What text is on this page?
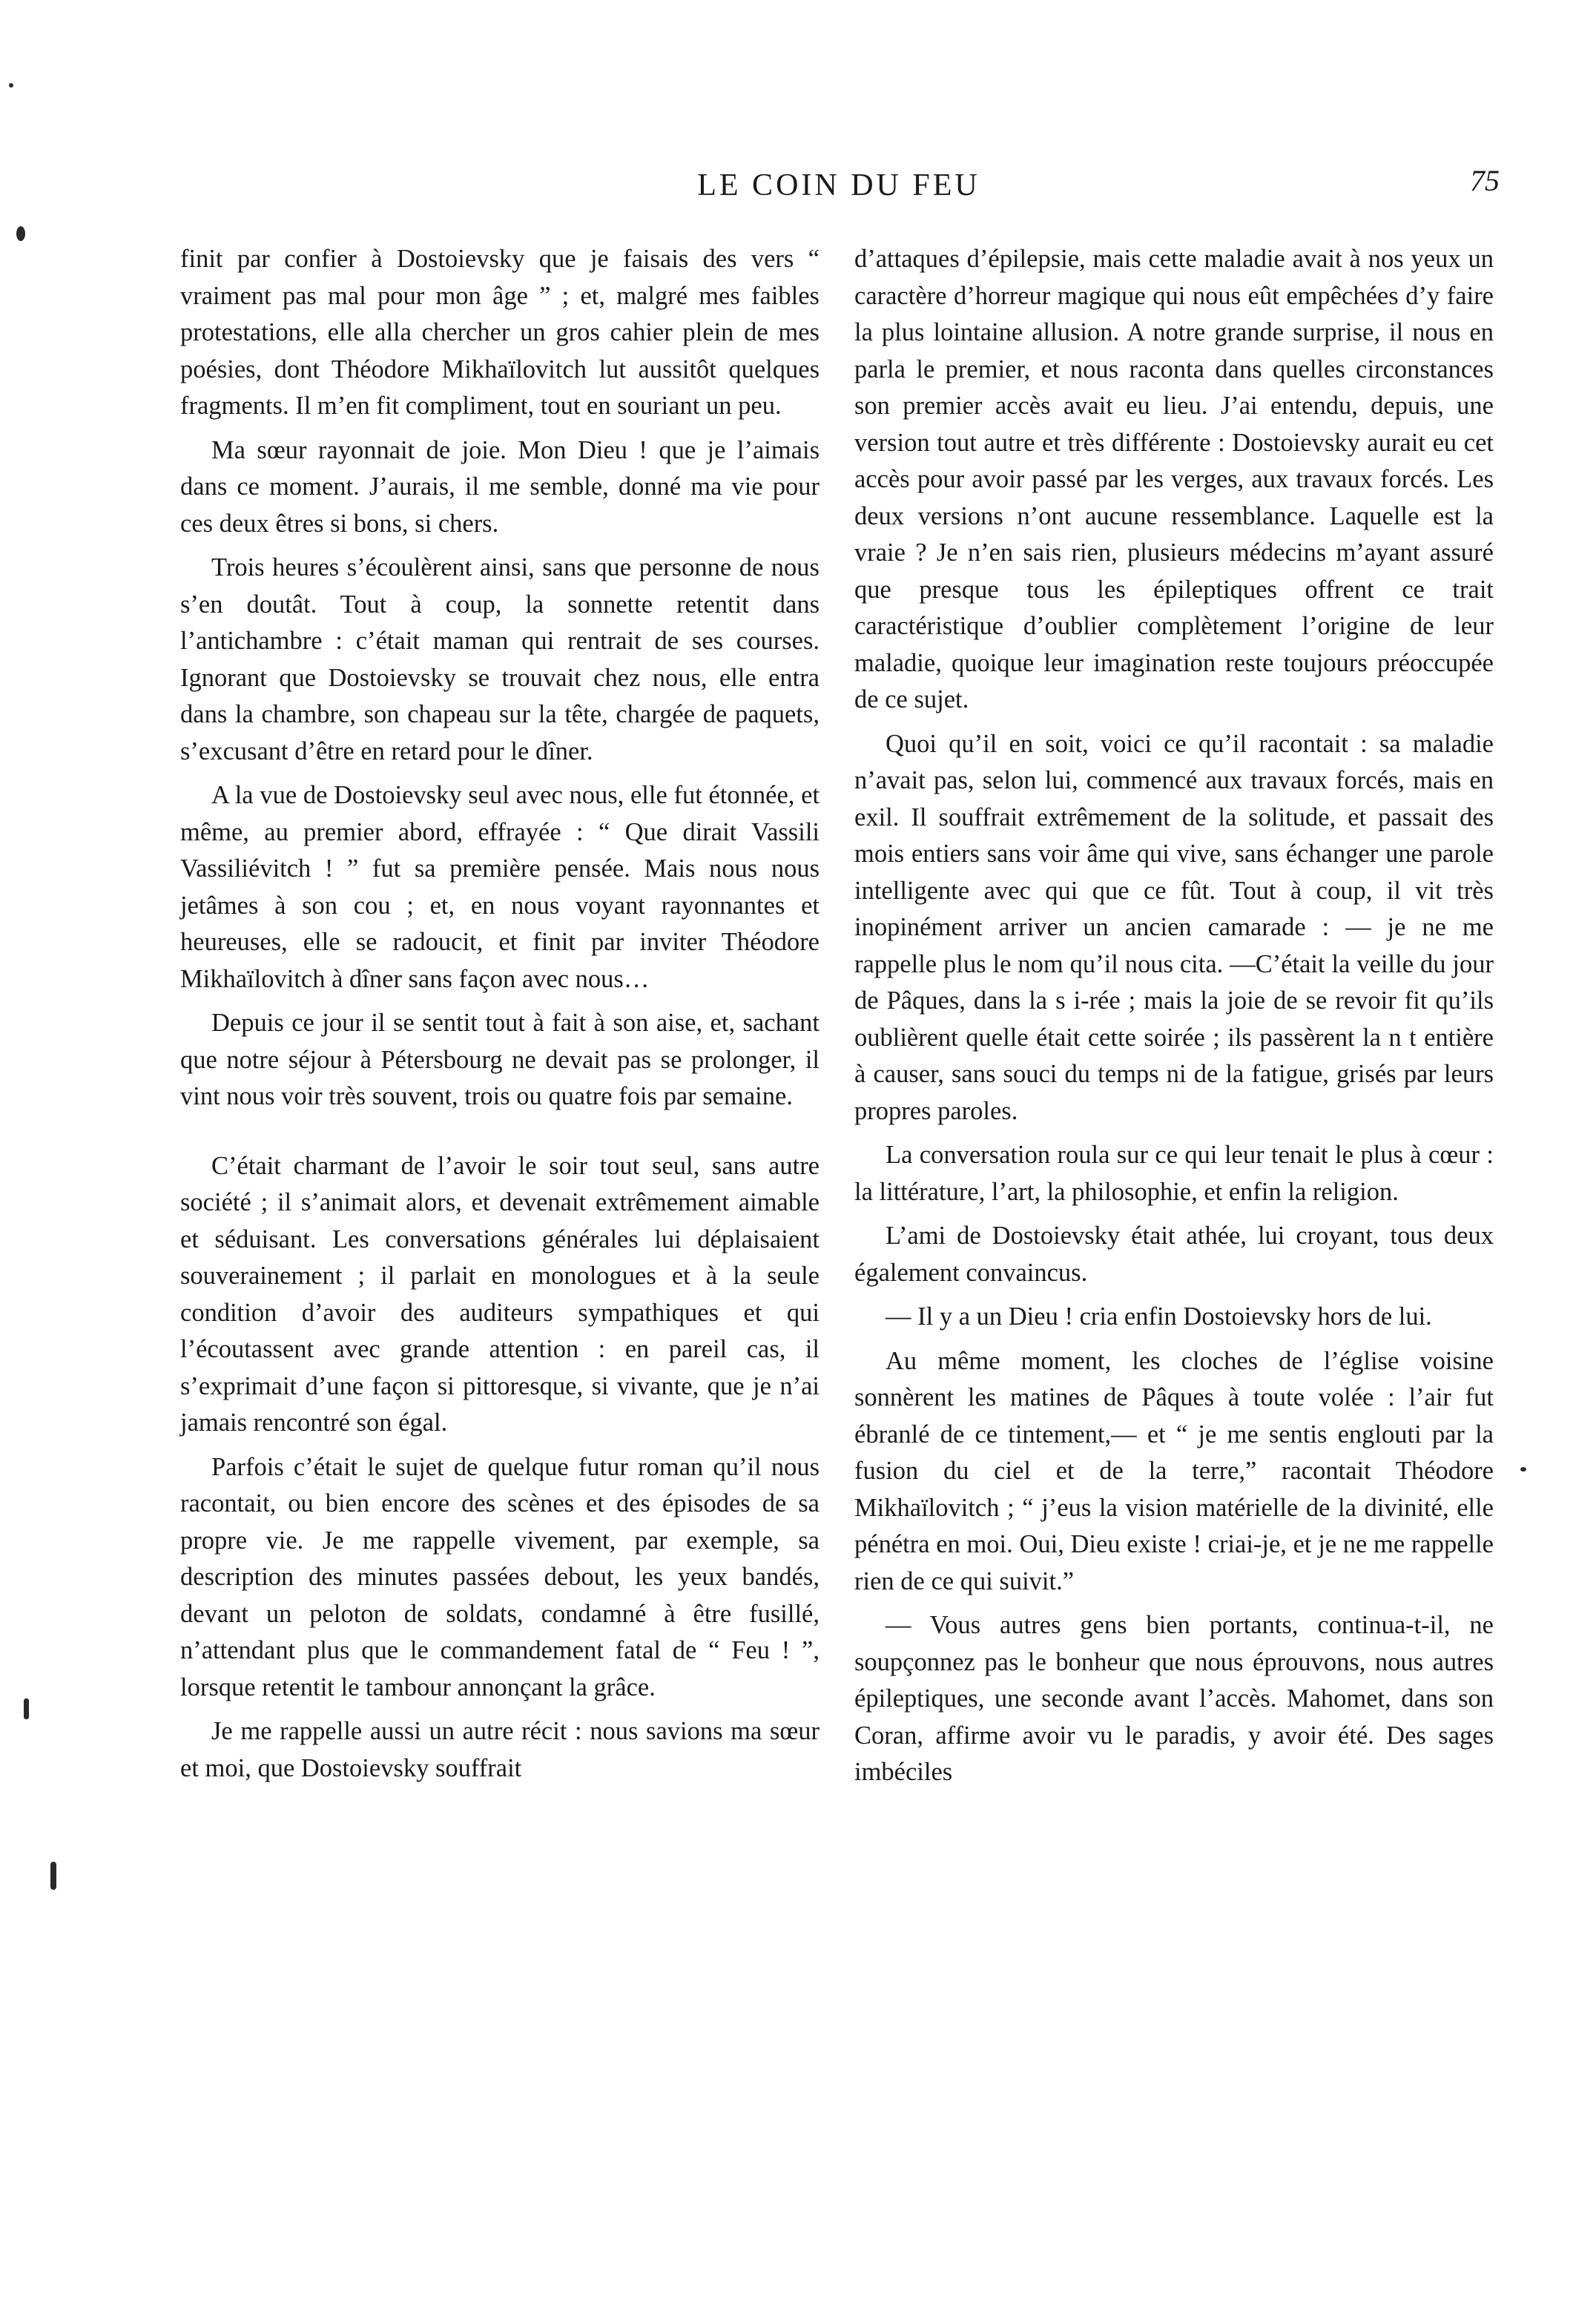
LE COIN DU FEU	75

finit par confier à Dostoievsky que je faisais des vers “ vraiment pas mal pour mon âge ” ; et, malgré mes faibles protestations, elle alla chercher un gros cahier plein de mes poésies, dont Théodore Mikhaïlovitch lut aussitôt quelques fragments. Il m’en fit compliment, tout en souriant un peu.

Ma sœur rayonnait de joie. Mon Dieu ! que je l’aimais dans ce moment. J’aurais, il me semble, donné ma vie pour ces deux êtres si bons, si chers.

Trois heures s’écoulèrent ainsi, sans que personne de nous s’en doutât. Tout à coup, la sonnette retentit dans l’antichambre : c’était maman qui rentrait de ses courses. Ignorant que Dostoievsky se trouvait chez nous, elle entra dans la chambre, son chapeau sur la tête, chargée de paquets, s’excusant d’être en retard pour le dîner.

A la vue de Dostoievsky seul avec nous, elle fut étonnée, et même, au premier abord, effrayée : “ Que dirait Vassili Vassiliévitch ! ” fut sa première pensée. Mais nous nous jetâmes à son cou ; et, en nous voyant rayonnantes et heureuses, elle se radoucit, et finit par inviter Théodore Mikhaïlovitch à dîner sans façon avec nous…

Depuis ce jour il se sentit tout à fait à son aise, et, sachant que notre séjour à Pétersbourg ne devait pas se prolonger, il vint nous voir très souvent, trois ou quatre fois par semaine.

C’était charmant de l’avoir le soir tout seul, sans autre société ; il s’animait alors, et devenait extrêmement aimable et séduisant. Les conversations générales lui déplaisaient souverainement ; il parlait en monologues et à la seule condition d’avoir des auditeurs sympathiques et qui l’écoutassent avec grande attention : en pareil cas, il s’exprimait d’une façon si pittoresque, si vivante, que je n’ai jamais rencontré son égal.

Parfois c’était le sujet de quelque futur roman qu’il nous racontait, ou bien encore des scènes et des épisodes de sa propre vie. Je me rappelle vivement, par exemple, sa description des minutes passées debout, les yeux bandés, devant un peloton de soldats, condamné à être fusillé, n’attendant plus que le commandement fatal de “ Feu ! ”, lorsque retentit le tambour annonçant la grâce.

Je me rappelle aussi un autre récit : nous savions ma sœur et moi, que Dostoievsky souffrait

d’attaques d’épilepsie, mais cette maladie avait à nos yeux un caractère d’horreur magique qui nous eût empêchées d’y faire la plus lointaine allusion. A notre grande surprise, il nous en parla le premier, et nous raconta dans quelles circonstances son premier accès avait eu lieu. J’ai entendu, depuis, une version tout autre et très différente : Dostoievsky aurait eu cet accès pour avoir passé par les verges, aux travaux forcés. Les deux versions n’ont aucune ressemblance. Laquelle est la vraie ? Je n’en sais rien, plusieurs médecins m’ayant assuré que presque tous les épileptiques offrent ce trait caractéristique d’oublier complètement l’origine de leur maladie, quoique leur imagination reste toujours préoccupée de ce sujet.

Quoi qu’il en soit, voici ce qu’il racontait : sa maladie n’avait pas, selon lui, commencé aux travaux forcés, mais en exil. Il souffrait extrêmement de la solitude, et passait des mois entiers sans voir âme qui vive, sans échanger une parole intelligente avec qui que ce fût. Tout à coup, il vit très inopinément arriver un ancien camarade : — je ne me rappelle plus le nom qu’il nous cita. —C’était la veille du jour de Pâques, dans la s i-rée ; mais la joie de se revoir fit qu’ils oublièrent quelle était cette soirée ; ils passèrent la n t entière à causer, sans souci du temps ni de la fatigue, grisés par leurs propres paroles.

La conversation roula sur ce qui leur tenait le plus à cœur : la littérature, l’art, la philosophie, et enfin la religion.

L’ami de Dostoievsky était athée, lui croyant, tous deux également convaincus.

— Il y a un Dieu ! cria enfin Dostoievsky hors de lui.

Au même moment, les cloches de l’église voisine sonnèrent les matines de Pâques à toute volée : l’air fut ébranlé de ce tintement,— et “ je me sentis englouti par la fusion du ciel et de la terre,” racontait Théodore Mikhaïlovitch ; “ j’eus la vision matérielle de la divinité, elle pénétra en moi. Oui, Dieu existe ! criai-je, et je ne me rappelle rien de ce qui suivit.”

— Vous autres gens bien portants, continua-t-il, ne soupçonnez pas le bonheur que nous éprouvons, nous autres épileptiques, une seconde avant l’accès. Mahomet, dans son Coran, affirme avoir vu le paradis, y avoir été. Des sages imbéciles
